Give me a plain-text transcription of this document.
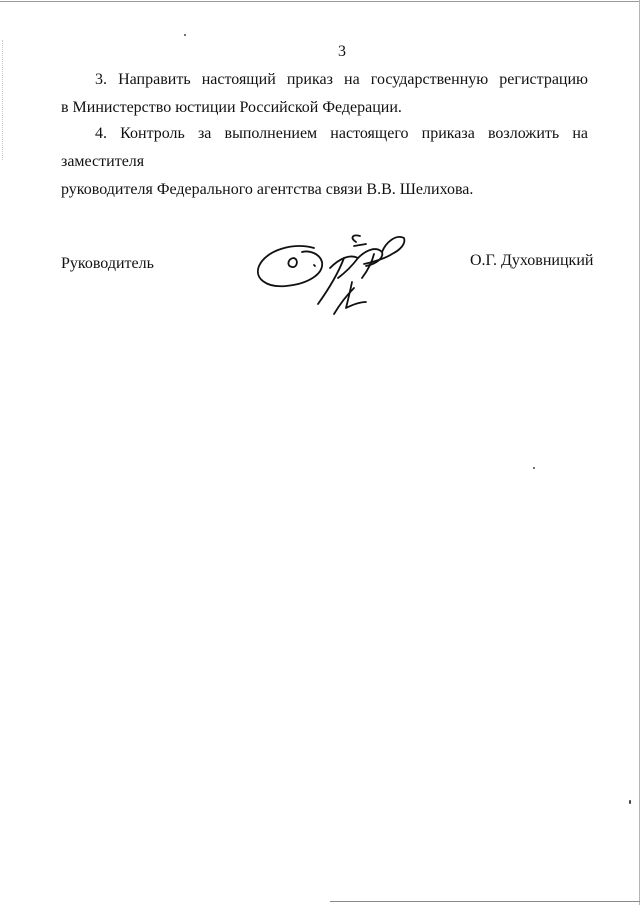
3

3. Направить настоящий приказ на государственную регистрацию
в Министерство юстиции Российской Федерации.

4. Контроль за выполнением настоящего приказа возложить на заместителя
руководителя Федерального агентства связи В.В. Шелихова.

Руководитель	О.Г. Духовницкий
